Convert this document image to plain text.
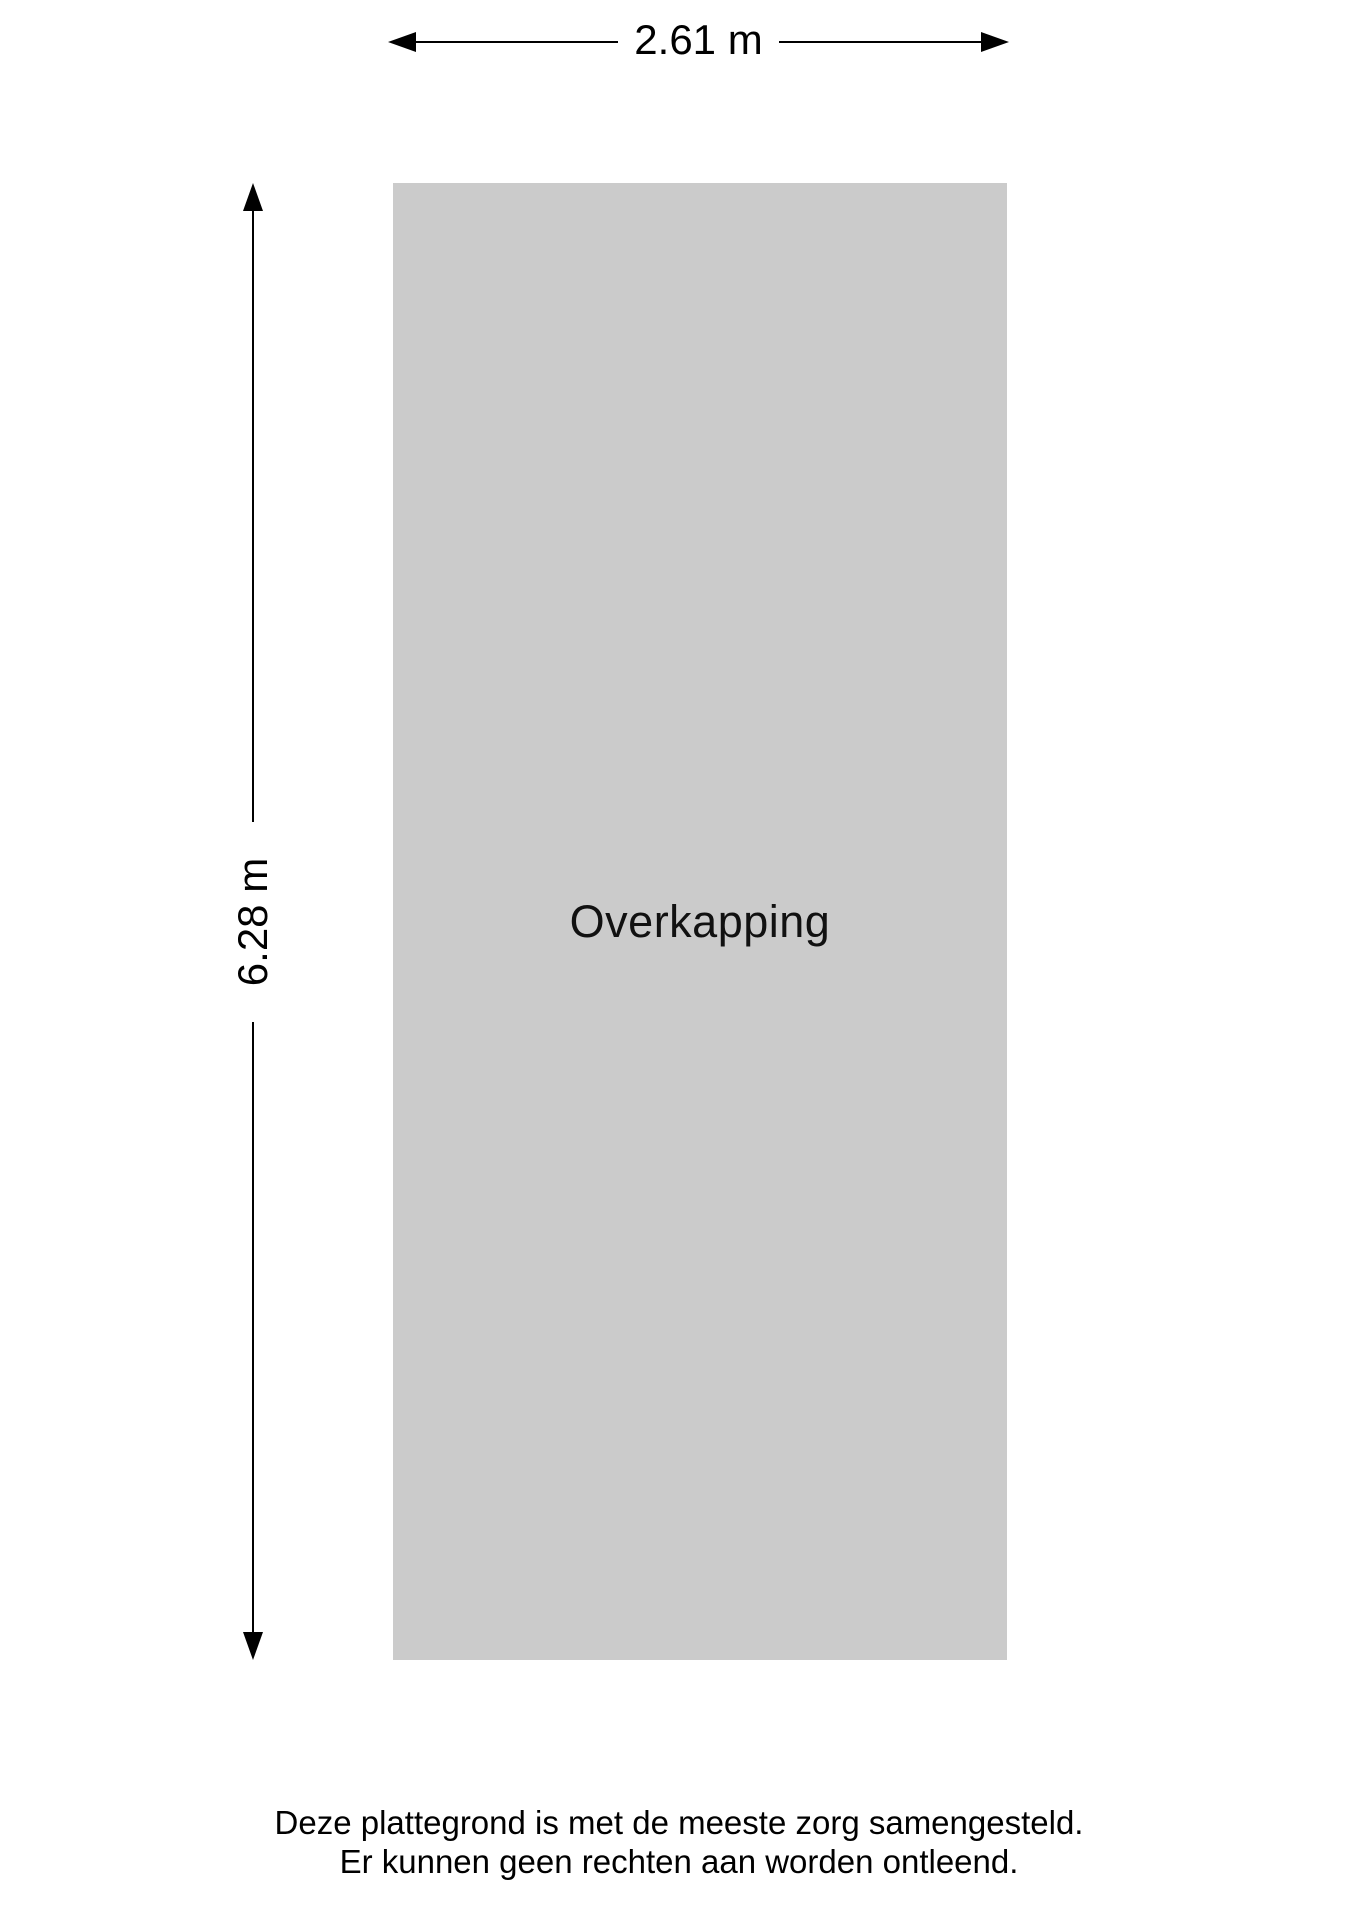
2.61 m
6.28 m	Overkapping
Deze plattegrond is met de meeste zorg samengesteld.
Er kunnen geen rechten aan worden ontleend.
